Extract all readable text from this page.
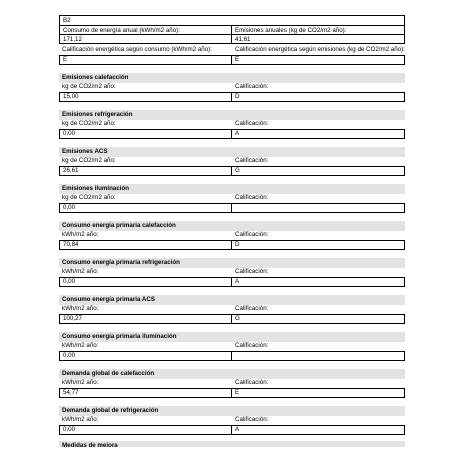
B2
Consumo de energía anual (kWh/m2 año):	Emisiones anuales (kg de CO2/m2 año):
171,12	41,61
Calificación energética según consumo (kWh/m2 año):	Calificación energética según emisiones (kg de CO2/m2 año):
E	E
Emisiones calefacción
kg de CO2/m2 año:	Calificación:
15,00	D
Emisiones refrigeración
kg de CO2/m2 año:	Calificación:
0,00	A
Emisiones ACS
kg de CO2/m2 año:	Calificación:
26,61	G
Emisiones iluminación
kg de CO2/m2 año:	Calificación:
0,00
Consumo energía primaria calefacción
kWh/m2 año:	Calificación:
70,84	D
Consumo energía primaria refrigeración
kWh/m2 año:	Calificación:
0,00	A
Consumo energía primaria ACS
kWh/m2 año:	Calificación:
100,27	G
Consumo energía primaria iluminación
kWh/m2 año:	Calificación:
0,00
Demanda global de calefacción
kWh/m2 año:	Calificación:
54,77	E
Demanda global de refrigeración
kWh/m2 año:	Calificación:
0,00	A
Medidas de mejora
